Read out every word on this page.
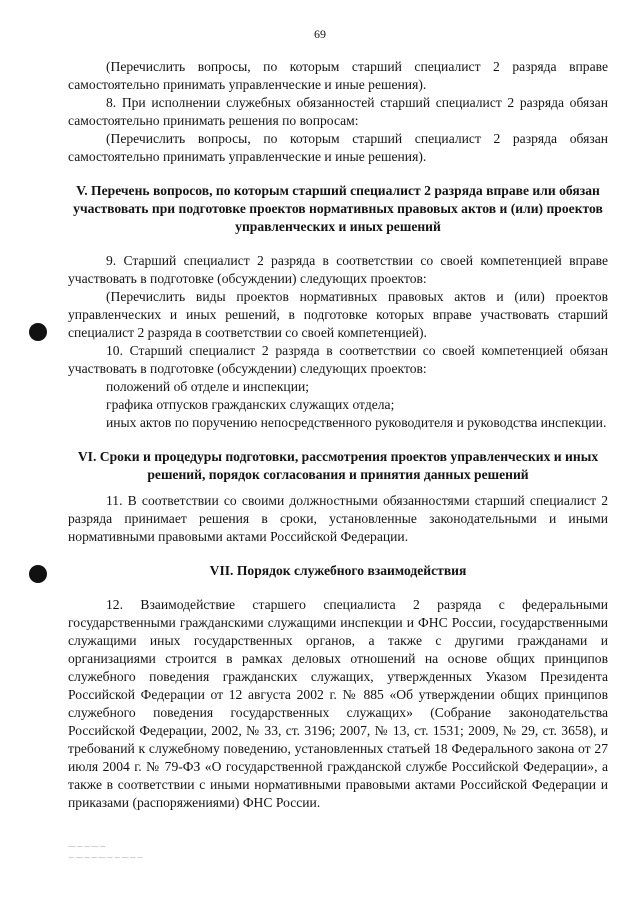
69

(Перечислить вопросы, по которым старший специалист 2 разряда вправе самостоятельно принимать управленческие и иные решения).

8. При исполнении служебных обязанностей старший специалист 2 разряда обязан самостоятельно принимать решения по вопросам:

(Перечислить вопросы, по которым старший специалист 2 разряда обязан самостоятельно принимать управленческие и иные решения).

V. Перечень вопросов, по которым старший специалист 2 разряда вправе или обязан участвовать при подготовке проектов нормативных правовых актов и (или) проектов управленческих и иных решений

9. Старший специалист 2 разряда в соответствии со своей компетенцией вправе участвовать в подготовке (обсуждении) следующих проектов:

(Перечислить виды проектов нормативных правовых актов и (или) проектов управленческих и иных решений, в подготовке которых вправе участвовать старший специалист 2 разряда в соответствии со своей компетенцией).

10. Старший специалист 2 разряда в соответствии со своей компетенцией обязан участвовать в подготовке (обсуждении) следующих проектов:

положений об отделе и инспекции;

графика отпусков гражданских служащих отдела;

иных актов по поручению непосредственного руководителя и руководства инспекции.

VI. Сроки и процедуры подготовки, рассмотрения проектов управленческих и иных решений, порядок согласования и принятия данных решений

11. В соответствии со своими должностными обязанностями старший специалист 2 разряда принимает решения в сроки, установленные законодательными и иными нормативными правовыми актами Российской Федерации.

VII. Порядок служебного взаимодействия

12. Взаимодействие старшего специалиста 2 разряда с федеральными государственными гражданскими служащими инспекции и ФНС России, государственными служащими иных государственных органов, а также с другими гражданами и организациями строится в рамках деловых отношений на основе общих принципов служебного поведения гражданских служащих, утвержденных Указом Президента Российской Федерации от 12 августа 2002 г. № 885 «Об утверждении общих принципов служебного поведения государственных служащих» (Собрание законодательства Российской Федерации, 2002, № 33, ст. 3196; 2007, № 13, ст. 1531; 2009, № 29, ст. 3658), и требований к служебному поведению, установленных статьей 18 Федерального закона от 27 июля 2004 г. № 79-ФЗ «О государственной гражданской службе Российской Федерации», а также в соответствии с иными нормативными правовыми актами Российской Федерации и приказами (распоряжениями) ФНС России.

⁓∽∼⁓∽
∽⁓∼∽⁓∼∽⁓∼∽
